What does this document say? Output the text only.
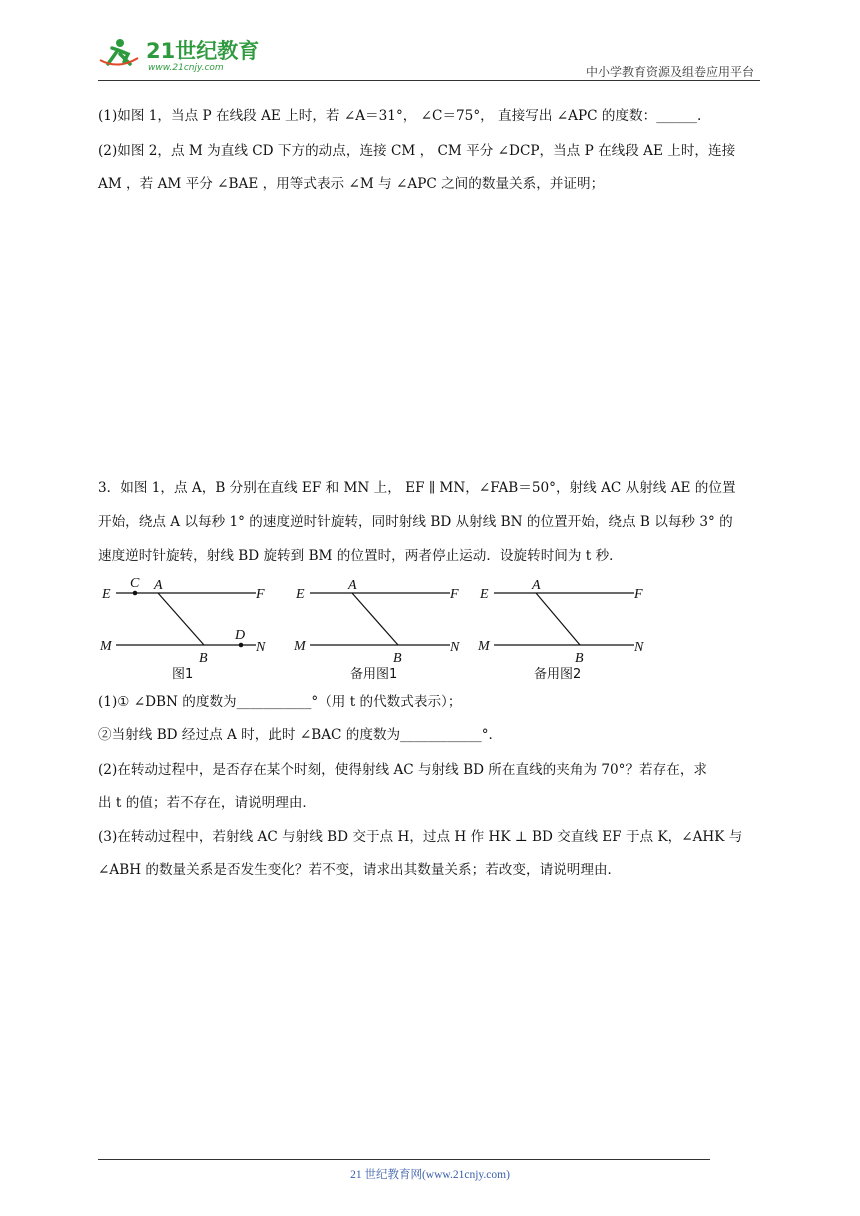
21世纪教育
www.21cnjy.com	中小学教育资源及组卷应用平台
(1)如图 1，当点 P 在线段 AE 上时，若 ∠A＝31°， ∠C＝75°， 直接写出 ∠APC 的度数：______.
(2)如图 2，点 M 为直线 CD 下方的动点，连接 CM ， CM 平分 ∠DCP，当点 P 在线段 AE 上时，连接
AM ，若 AM 平分 ∠BAE ，用等式表示 ∠M 与 ∠APC 之间的数量关系，并证明；
3．如图 1，点 A，B 分别在直线 EF 和 MN 上， EF ∥ MN，∠FAB＝50°，射线 AC 从射线 AE 的位置
开始，绕点 A 以每秒 1° 的速度逆时针旋转，同时射线 BD 从射线 BN 的位置开始，绕点 B 以每秒 3° 的
速度逆时针旋转，射线 BD 旋转到 BM 的位置时，两者停止运动．设旋转时间为 t 秒．
E
C A
F
M
B
D
N
图1
E
A
F
M
B
N
备用图1
E
A
F
M
B
N
备用图2
(1)① ∠DBN 的度数为___________°（用 t 的代数式表示）；
②当射线 BD 经过点 A 时，此时 ∠BAC 的度数为____________°．
(2)在转动过程中，是否存在某个时刻，使得射线 AC 与射线 BD 所在直线的夹角为 70°？若存在，求
出 t 的值；若不存在，请说明理由．
(3)在转动过程中，若射线 AC 与射线 BD 交于点 H，过点 H 作 HK ⊥ BD 交直线 EF 于点 K，∠AHK 与
∠ABH 的数量关系是否发生变化？若不变，请求出其数量关系；若改变，请说明理由．
21 世纪教育网(www.21cnjy.com)
